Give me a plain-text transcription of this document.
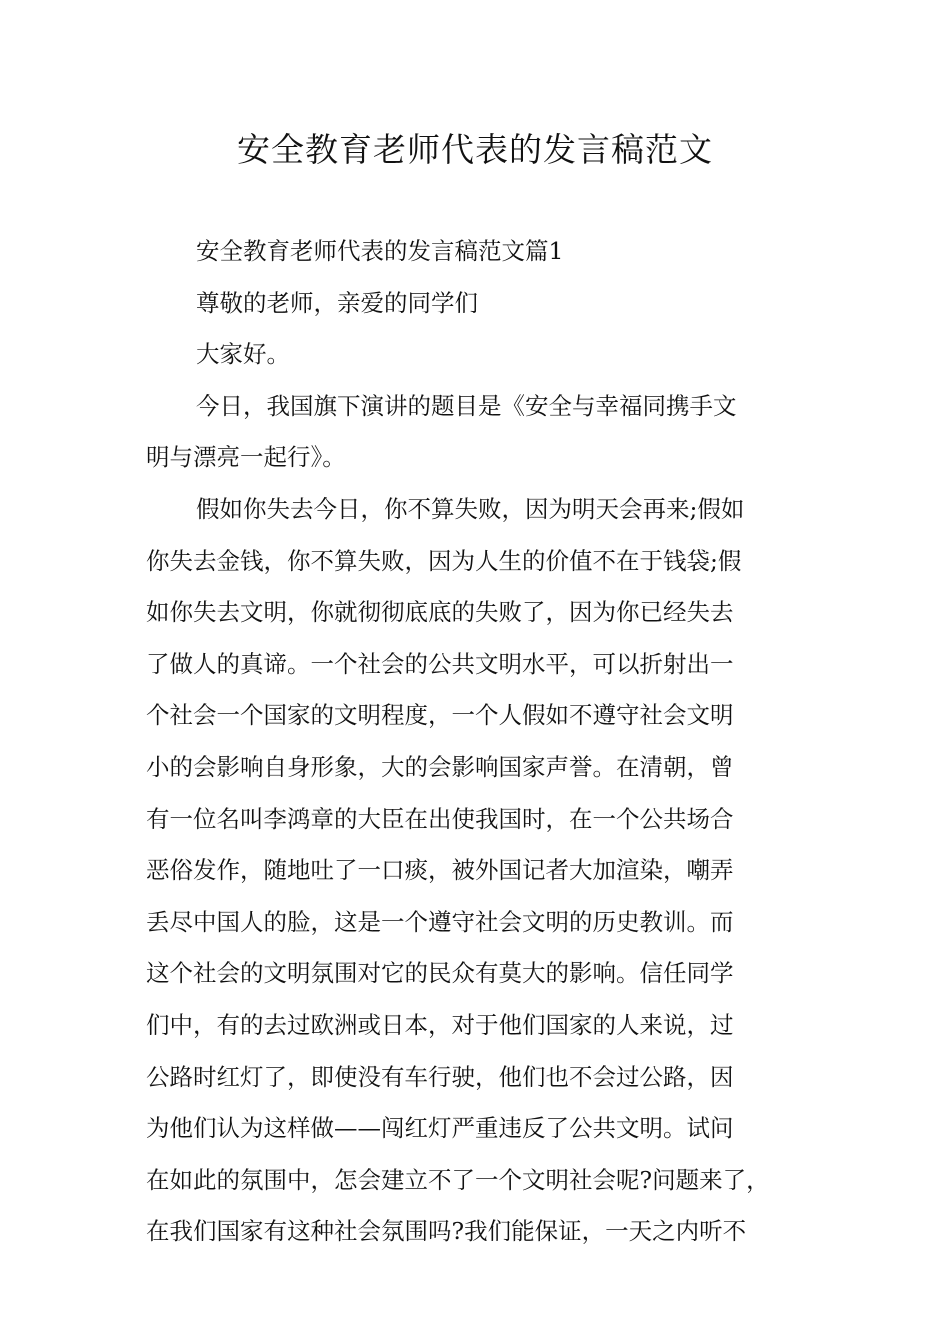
安全教育老师代表的发言稿范文
安全教育老师代表的发言稿范文篇1
尊敬的老师，亲爱的同学们
大家好。
今日，我国旗下演讲的题目是《安全与幸福同携手文
明与漂亮一起行》。
假如你失去今日，你不算失败，因为明天会再来;假如
你失去金钱，你不算失败，因为人生的价值不在于钱袋;假
如你失去文明，你就彻彻底底的失败了，因为你已经失去
了做人的真谛。一个社会的公共文明水平，可以折射出一
个社会一个国家的文明程度，一个人假如不遵守社会文明
小的会影响自身形象，大的会影响国家声誉。在清朝，曾
有一位名叫李鸿章的大臣在出使我国时，在一个公共场合
恶俗发作，随地吐了一口痰，被外国记者大加渲染，嘲弄
丢尽中国人的脸，这是一个遵守社会文明的历史教训。而
这个社会的文明氛围对它的民众有莫大的影响。信任同学
们中，有的去过欧洲或日本，对于他们国家的人来说，过
公路时红灯了，即使没有车行驶，他们也不会过公路，因
为他们认为这样做——闯红灯严重违反了公共文明。试问
在如此的氛围中，怎会建立不了一个文明社会呢?问题来了，
在我们国家有这种社会氛围吗?我们能保证，一天之内听不
